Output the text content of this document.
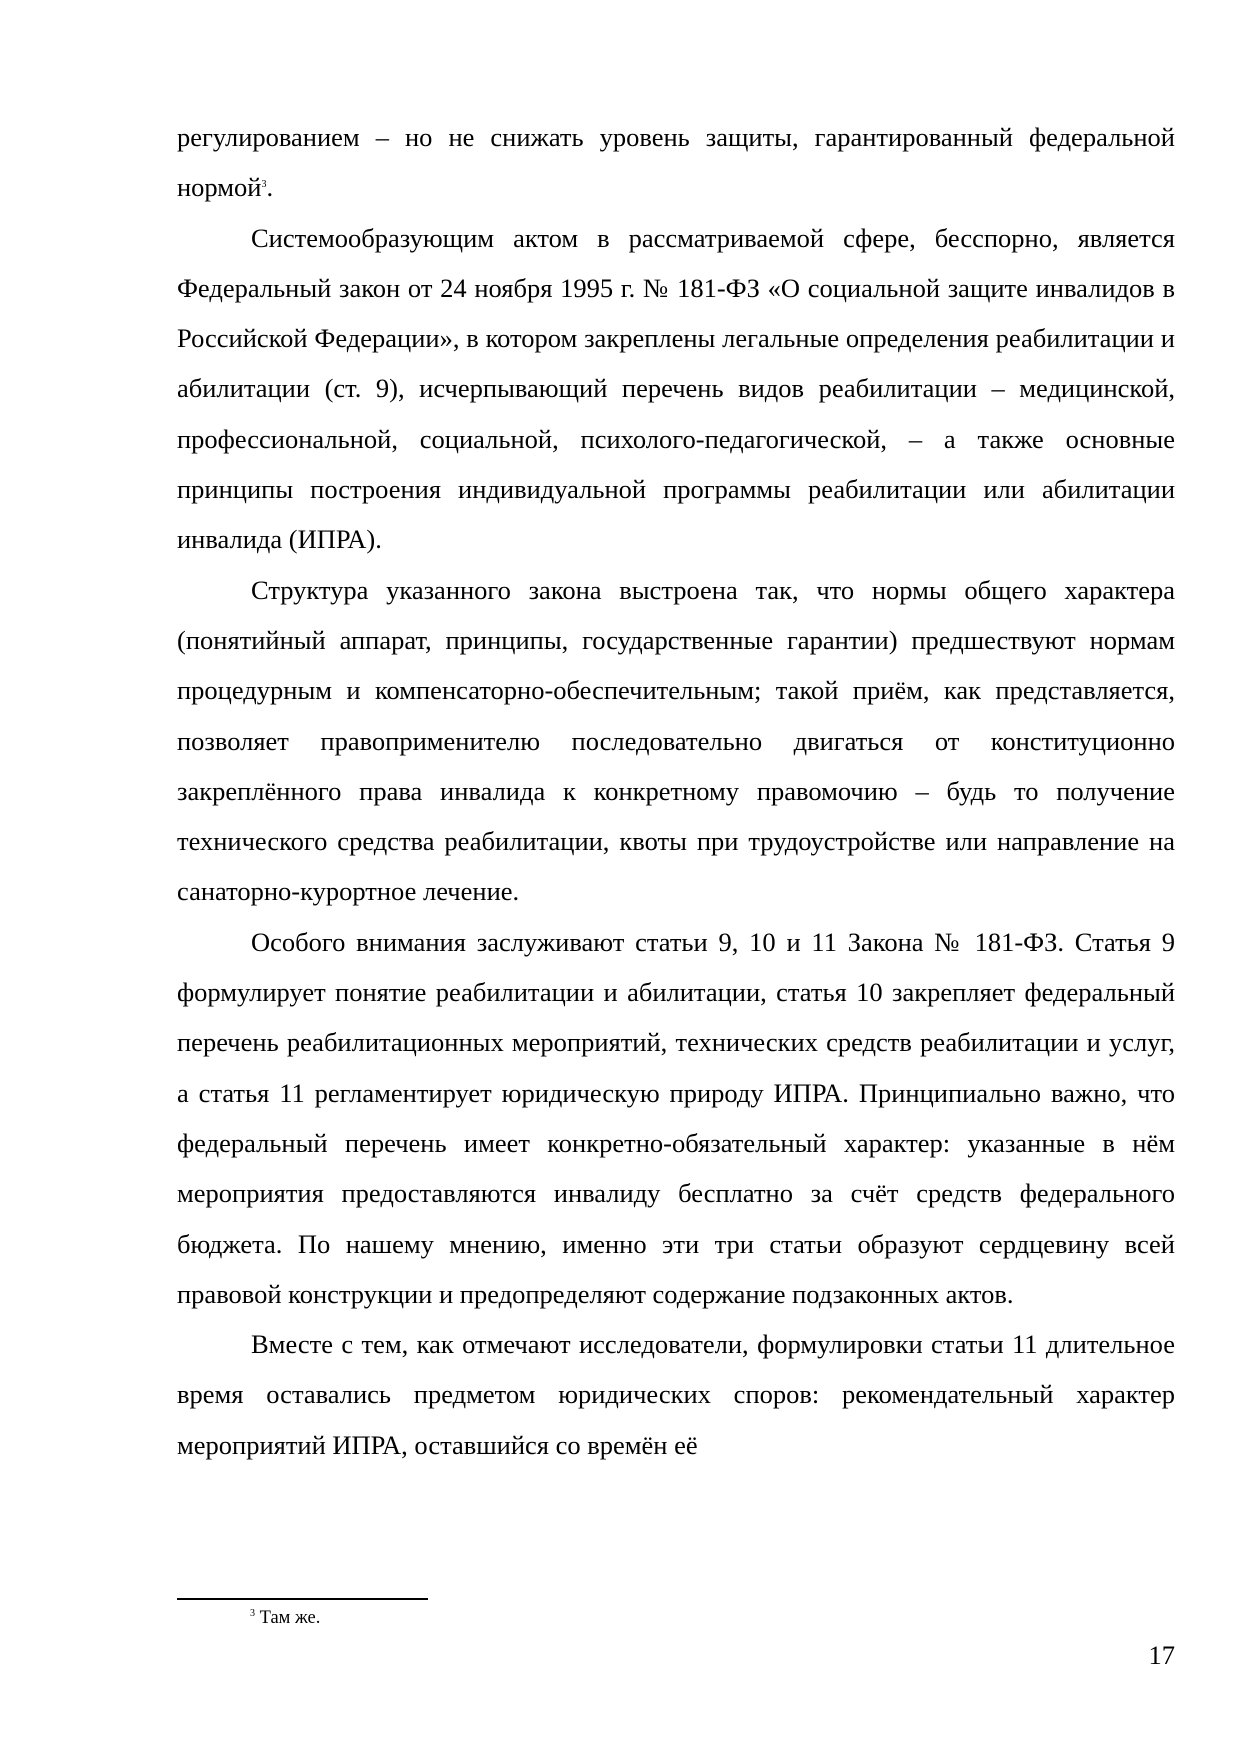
регулированием – но не снижать уровень защиты, гарантированный федеральной нормой$^3$.

Системообразующим актом в рассматриваемой сфере, бесспорно, является Федеральный закон от 24 ноября 1995 г. № 181-ФЗ «О социальной защите инвалидов в Российской Федерации», в котором закреплены легальные определения реабилитации и абилитации (ст. 9), исчерпывающий перечень видов реабилитации – медицинской, профессиональной, социальной, психолого-педагогической, – а также основные принципы построения индивидуальной программы реабилитации или абилитации инвалида (ИПРА).

Структура указанного закона выстроена так, что нормы общего характера (понятийный аппарат, принципы, государственные гарантии) предшествуют нормам процедурным и компенсаторно-обеспечительным; такой приём, как представляется, позволяет правоприменителю последовательно двигаться от конституционно закреплённого права инвалида к конкретному правомочию – будь то получение технического средства реабилитации, квоты при трудоустройстве или направление на санаторно-курортное лечение.

Особого внимания заслуживают статьи 9, 10 и 11 Закона № 181-ФЗ. Статья 9 формулирует понятие реабилитации и абилитации, статья 10 закрепляет федеральный перечень реабилитационных мероприятий, технических средств реабилитации и услуг, а статья 11 регламентирует юридическую природу ИПРА. Принципиально важно, что федеральный перечень имеет конкретно-обязательный характер: указанные в нём мероприятия предоставляются инвалиду бесплатно за счёт средств федерального бюджета. По нашему мнению, именно эти три статьи образуют сердцевину всей правовой конструкции и предопределяют содержание подзаконных актов.

Вместе с тем, как отмечают исследователи, формулировки статьи 11 длительное время оставались предметом юридических споров: рекомендательный характер мероприятий ИПРА, оставшийся со времён её

$^3$ Там же.
17
